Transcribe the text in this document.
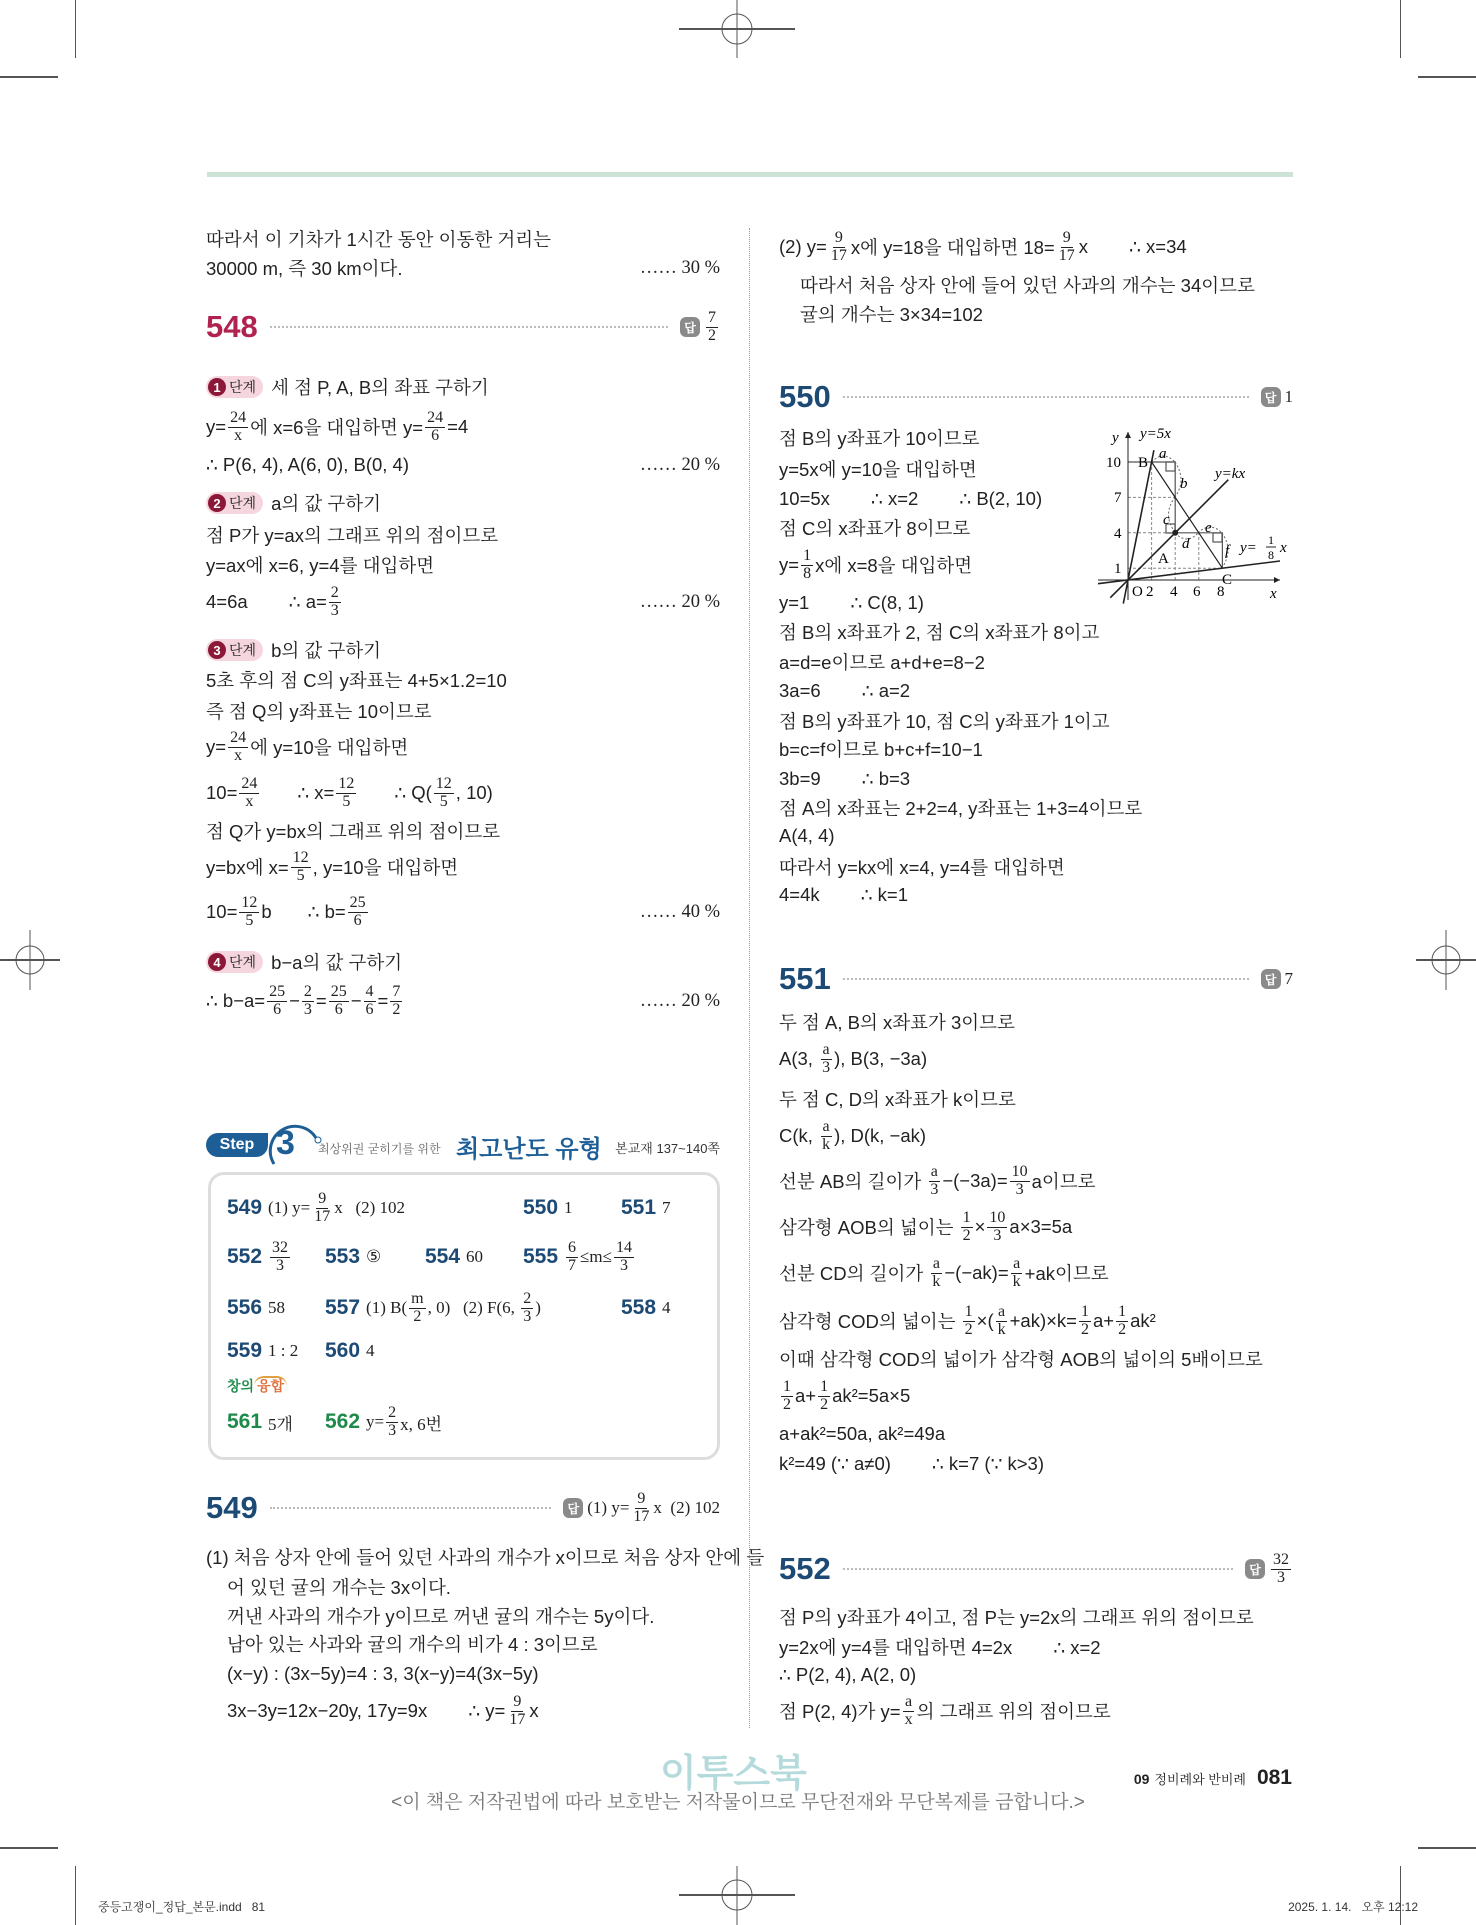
따라서 이 기차가 1시간 동안 이동한 거리는
30000 m, 즉 30 km이다.	…… 30 %
548	답 $\frac{7}{2}$
1 단계 세 점 P, A, B의 좌표 구하기
$y= \frac{24}{x}$ 에 x=6을 대입하면 $y= \frac{24}{6} =4$
∴ P(6, 4), A(6, 0), B(0, 4)	…… 20 %
2 단계 a의 값 구하기
점 P가 y=ax의 그래프 위의 점이므로
y=ax에 x=6, y=4를 대입하면
4=6a        ∴ $a= \frac{2}{3}$	…… 20 %
3 단계 b의 값 구하기
5초 후의 점 C의 y좌표는 4+5×1.2=10
즉 점 Q의 y좌표는 10이므로
$y= \frac{24}{x}$ 에 y=10을 대입하면
$10= \frac{24}{x}$ ∴ $x= \frac{12}{5}$ ∴ $Q( \frac{12}{5}$ , 10)
점 Q가 y=bx의 그래프 위의 점이므로
y=bx에 $x= \frac{12}{5}$ , y=10을 대입하면
$10= \frac{12}{5}$ b       ∴ $b= \frac{25}{6}$	…… 40 %
4 단계 b−a의 값 구하기
∴ $b-a= \frac{25}{6} - \frac{2}{3} = \frac{25}{6} - \frac{4}{6} = \frac{7}{2}$	…… 20 %
Step 3 최상위권 굳히기를 위한 최고난도 유형 본교재 137~140쪽
549 (1) $y= \frac{9}{17}$ x   (2) 102	550 1 551 7
$552 \frac{32}{3} 553$ ⑤ 554 60 $555 \frac{6}{7} \le m\le \frac{14}{3}$
556 58 557 (1) $B( \frac{m}{2}$ , 0)   (2) F(6, $\frac{2}{3}$ )	558 4
559 1 : 2 560 4
창의 융합
561 5개 562 $y= \frac{2}{3} x$, 6번
549	답 (1) $y= \frac{9}{17}$ x  (2) 102
(1) 처음 상자 안에 들어 있던 사과의 개수가 x이므로 처음 상자 안에 들
어 있던 귤의 개수는 3x이다.
꺼낸 사과의 개수가 y이므로 꺼낸 귤의 개수는 5y이다.
남아 있는 사과와 귤의 개수의 비가 4 : 3이므로
(x−y) : (3x−5y)=4 : 3, 3(x−y)=4(3x−5y)
3x−3y=12x−20y, 17y=9x        ∴ $y= \frac{9}{17}$ x
(2) $y= \frac{9}{17}$ x에 y=18을 대입하면 $18= \frac{9}{17}$ x        ∴ x=34
따라서 처음 상자 안에 들어 있던 사과의 개수는 34이므로
귤의 개수는 3×34=102
550	답 1
점 B의 y좌표가 10이므로
y=5x에 y=10을 대입하면
10=5x        ∴ x=2        ∴ B(2, 10)
점 C의 x좌표가 8이므로
$y= \frac{1}{8}$ x에 x=8을 대입하면
y=1        ∴ C(8, 1)
점 B의 x좌표가 2, 점 C의 x좌표가 8이고
a=d=e이므로 a+d+e=8−2
3a=6        ∴ a=2
점 B의 y좌표가 10, 점 C의 y좌표가 1이고
b=c=f이므로 b+c+f=10−1
3b=9        ∴ b=3
점 A의 x좌표는 2+2=4, y좌표는 1+3=4이므로
A(4, 4)
따라서 y=kx에 x=4, y=4를 대입하면
4=4k        ∴ k=1
y
x
O 2 4 6 8
1
4
7
10
y=5x
y=kx
y= 1
8 x
B
A
C
a
b
c
d
e
f
551	답 7
두 점 A, B의 x좌표가 3이므로
A(3, $\frac{a}{3}$ ), B(3, −3a)
두 점 C, D의 x좌표가 k이므로
C(k, $\frac{a}{k}$ ), D(k, −ak)
선분 AB의 길이가 $\frac{a}{3} -(-3a)= \frac{10}{3}$ a이므로
삼각형 AOB의 넓이는 $\frac{1}{2} \times \frac{10}{3} a\times 3=5a$
선분 CD의 길이가 $\frac{a}{k} -(-ak)= \frac{a}{k} +ak$이므로
삼각형 COD의 넓이는 $\frac{1}{2}$ ×( $\frac{a}{k} +ak)\times k= \frac{1}{2} a+ \frac{1}{2} ak^2$
이때 삼각형 COD의 넓이가 삼각형 AOB의 넓이의 5배이므로
$\frac{1}{2} a+ \frac{1}{2} ak^2=5a\times 5$
a+ak²=50a, ak²=49a
k²=49 (∵ a≠0)        ∴ k=7 (∵ k>3)
552	답 $\frac{32}{3}$
점 P의 y좌표가 4이고, 점 P는 y=2x의 그래프 위의 점이므로
y=2x에 y=4를 대입하면 4=2x        ∴ x=2
∴ P(2, 4), A(2, 0)
점 P(2, 4)가 $y= \frac{a}{x}$ 의 그래프 위의 점이므로
이투스북
<이 책은 저작권법에 따라 보호받는 저작물이므로 무단전재와 무단복제를 금합니다.>
09 정비례와 반비례 081
중등고쟁이_정답_본문.indd   81	2025. 1. 14.   오후 12:12
